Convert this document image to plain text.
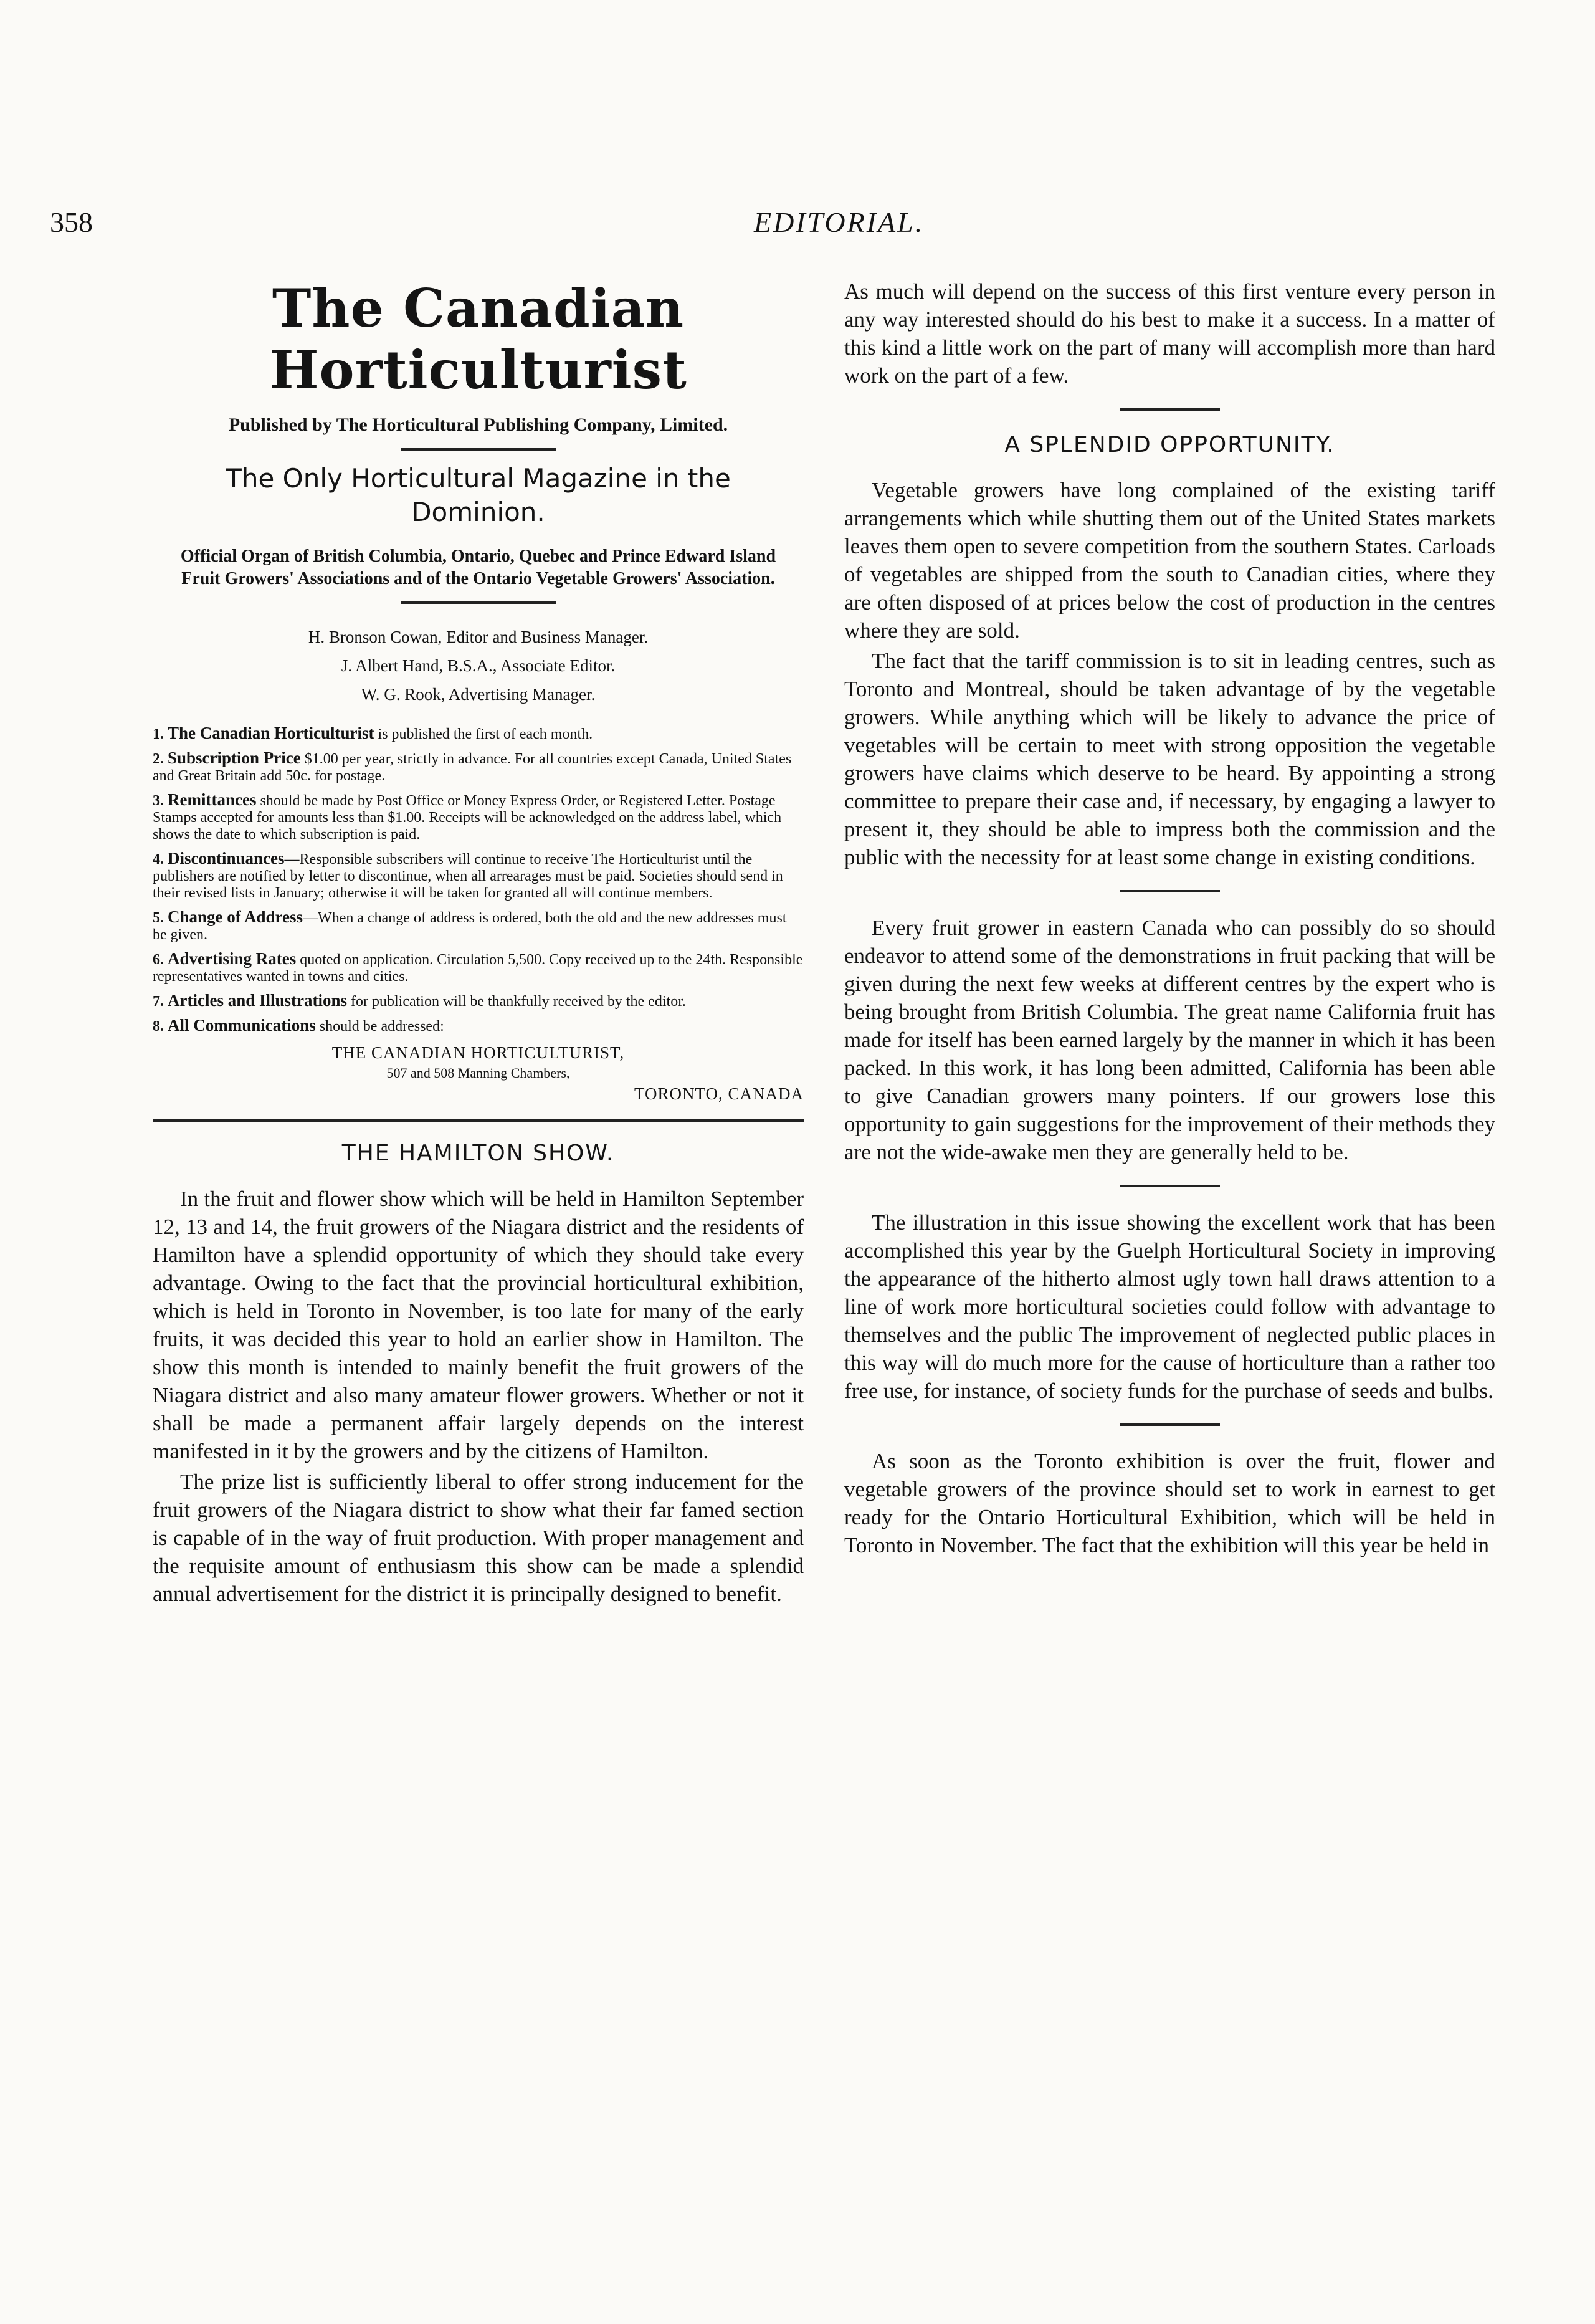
358	EDITORIAL.
The Canadian Horticulturist
Published by The Horticultural Publishing Company, Limited.
The Only Horticultural Magazine in the Dominion.
Official Organ of British Columbia, Ontario, Quebec and Prince Edward Island Fruit Growers' Associations and of the Ontario Vegetable Growers' Association.
H. Bronson Cowan, Editor and Business Manager.
J. Albert Hand, B.S.A., Associate Editor.
W. G. Rook, Advertising Manager.
1. The Canadian Horticulturist is published the first of each month.
2. Subscription Price $1.00 per year, strictly in advance. For all countries except Canada, United States and Great Britain add 50c. for postage.
3. Remittances should be made by Post Office or Money Express Order, or Registered Letter. Postage Stamps accepted for amounts less than $1.00. Receipts will be acknowledged on the address label, which shows the date to which subscription is paid.
4. Discontinuances—Responsible subscribers will continue to receive The Horticulturist until the publishers are notified by letter to discontinue, when all arrearages must be paid. Societies should send in their revised lists in January; otherwise it will be taken for granted all will continue members.
5. Change of Address—When a change of address is ordered, both the old and the new addresses must be given.
6. Advertising Rates quoted on application. Circulation 5,500. Copy received up to the 24th. Responsible representatives wanted in towns and cities.
7. Articles and Illustrations for publication will be thankfully received by the editor.
8. All Communications should be addressed:
THE CANADIAN HORTICULTURIST,
507 and 508 Manning Chambers,
TORONTO, CANADA
THE HAMILTON SHOW.

In the fruit and flower show which will be held in Hamilton September 12, 13 and 14, the fruit growers of the Niagara district and the residents of Hamilton have a splendid opportunity of which they should take every advantage. Owing to the fact that the provincial horticultural exhibition, which is held in Toronto in November, is too late for many of the early fruits, it was decided this year to hold an earlier show in Hamilton. The show this month is intended to mainly benefit the fruit growers of the Niagara district and also many amateur flower growers. Whether or not it shall be made a permanent affair largely depends on the interest manifested in it by the growers and by the citizens of Hamilton.

The prize list is sufficiently liberal to offer strong inducement for the fruit growers of the Niagara district to show what their far famed section is capable of in the way of fruit production. With proper management and the requisite amount of enthusiasm this show can be made a splendid annual advertisement for the district it is principally designed to benefit.

As much will depend on the success of this first venture every person in any way interested should do his best to make it a success. In a matter of this kind a little work on the part of many will accomplish more than hard work on the part of a few.

A SPLENDID OPPORTUNITY.

Vegetable growers have long complained of the existing tariff arrangements which while shutting them out of the United States markets leaves them open to severe competition from the southern States. Carloads of vegetables are shipped from the south to Canadian cities, where they are often disposed of at prices below the cost of production in the centres where they are sold.

The fact that the tariff commission is to sit in leading centres, such as Toronto and Montreal, should be taken advantage of by the vegetable growers. While anything which will be likely to advance the price of vegetables will be certain to meet with strong opposition the vegetable growers have claims which deserve to be heard. By appointing a strong committee to prepare their case and, if necessary, by engaging a lawyer to present it, they should be able to impress both the commission and the public with the necessity for at least some change in existing conditions.

Every fruit grower in eastern Canada who can possibly do so should endeavor to attend some of the demonstrations in fruit packing that will be given during the next few weeks at different centres by the expert who is being brought from British Columbia. The great name California fruit has made for itself has been earned largely by the manner in which it has been packed. In this work, it has long been admitted, California has been able to give Canadian growers many pointers. If our growers lose this opportunity to gain suggestions for the improvement of their methods they are not the wide-awake men they are generally held to be.

The illustration in this issue showing the excellent work that has been accomplished this year by the Guelph Horticultural Society in improving the appearance of the hitherto almost ugly town hall draws attention to a line of work more horticultural societies could follow with advantage to themselves and the public The improvement of neglected public places in this way will do much more for the cause of horticulture than a rather too free use, for instance, of society funds for the purchase of seeds and bulbs.

As soon as the Toronto exhibition is over the fruit, flower and vegetable growers of the province should set to work in earnest to get ready for the Ontario Horticultural Exhibition, which will be held in Toronto in November. The fact that the exhibition will this year be held in
